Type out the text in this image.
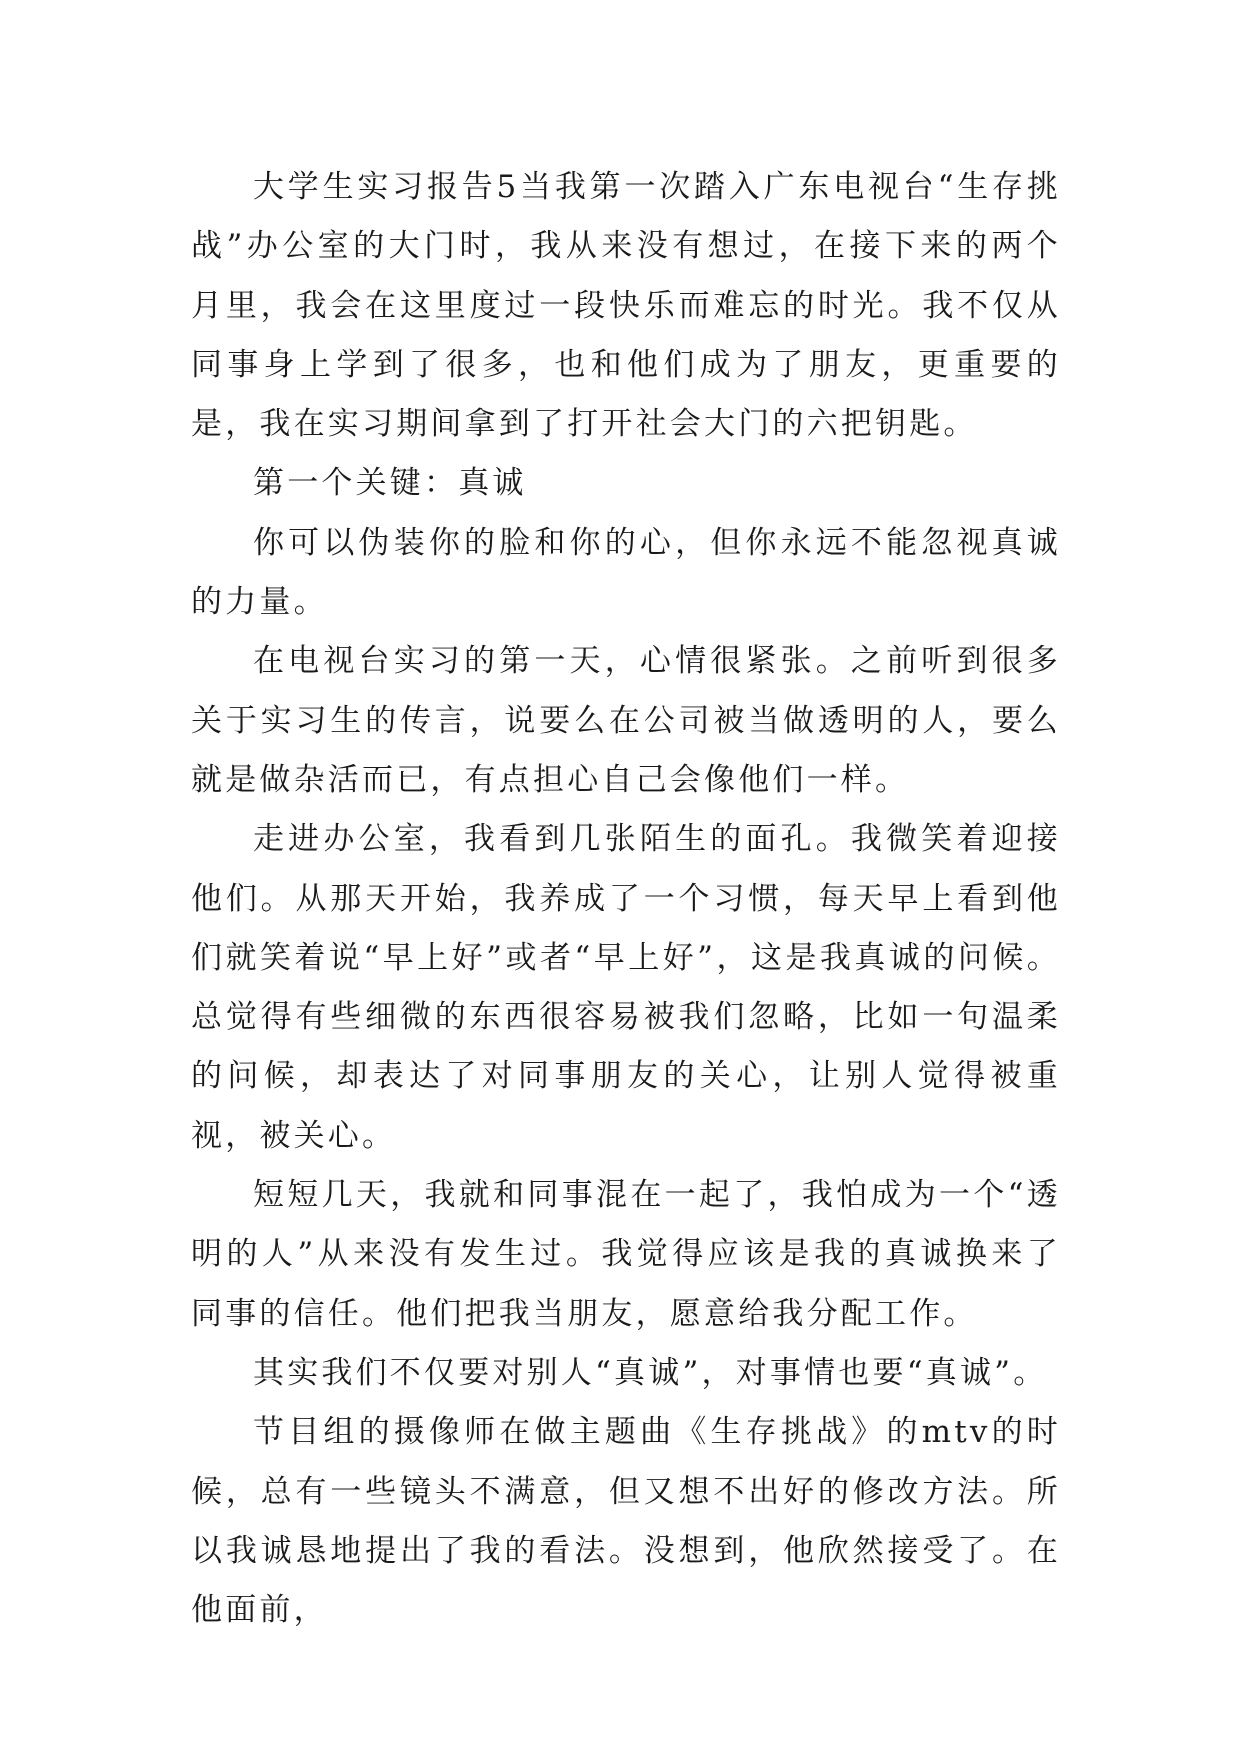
大学生实习报告5当我第一次踏入广东电视台“生存挑战”办公室的大门时，我从来没有想过，在接下来的两个月里，我会在这里度过一段快乐而难忘的时光。我不仅从同事身上学到了很多，也和他们成为了朋友，更重要的是，我在实习期间拿到了打开社会大门的六把钥匙。

第一个关键：真诚

你可以伪装你的脸和你的心，但你永远不能忽视真诚的力量。

在电视台实习的第一天，心情很紧张。之前听到很多关于实习生的传言，说要么在公司被当做透明的人，要么就是做杂活而已，有点担心自己会像他们一样。

走进办公室，我看到几张陌生的面孔。我微笑着迎接他们。从那天开始，我养成了一个习惯，每天早上看到他们就笑着说“早上好”或者“早上好”，这是我真诚的问候。总觉得有些细微的东西很容易被我们忽略，比如一句温柔的问候，却表达了对同事朋友的关心，让别人觉得被重视，被关心。

短短几天，我就和同事混在一起了，我怕成为一个“透明的人”从来没有发生过。我觉得应该是我的真诚换来了同事的信任。他们把我当朋友，愿意给我分配工作。

其实我们不仅要对别人“真诚”，对事情也要“真诚”。

节目组的摄像师在做主题曲《生存挑战》的mtv的时候，总有一些镜头不满意，但又想不出好的修改方法。所以我诚恳地提出了我的看法。没想到，他欣然接受了。在他面前，
